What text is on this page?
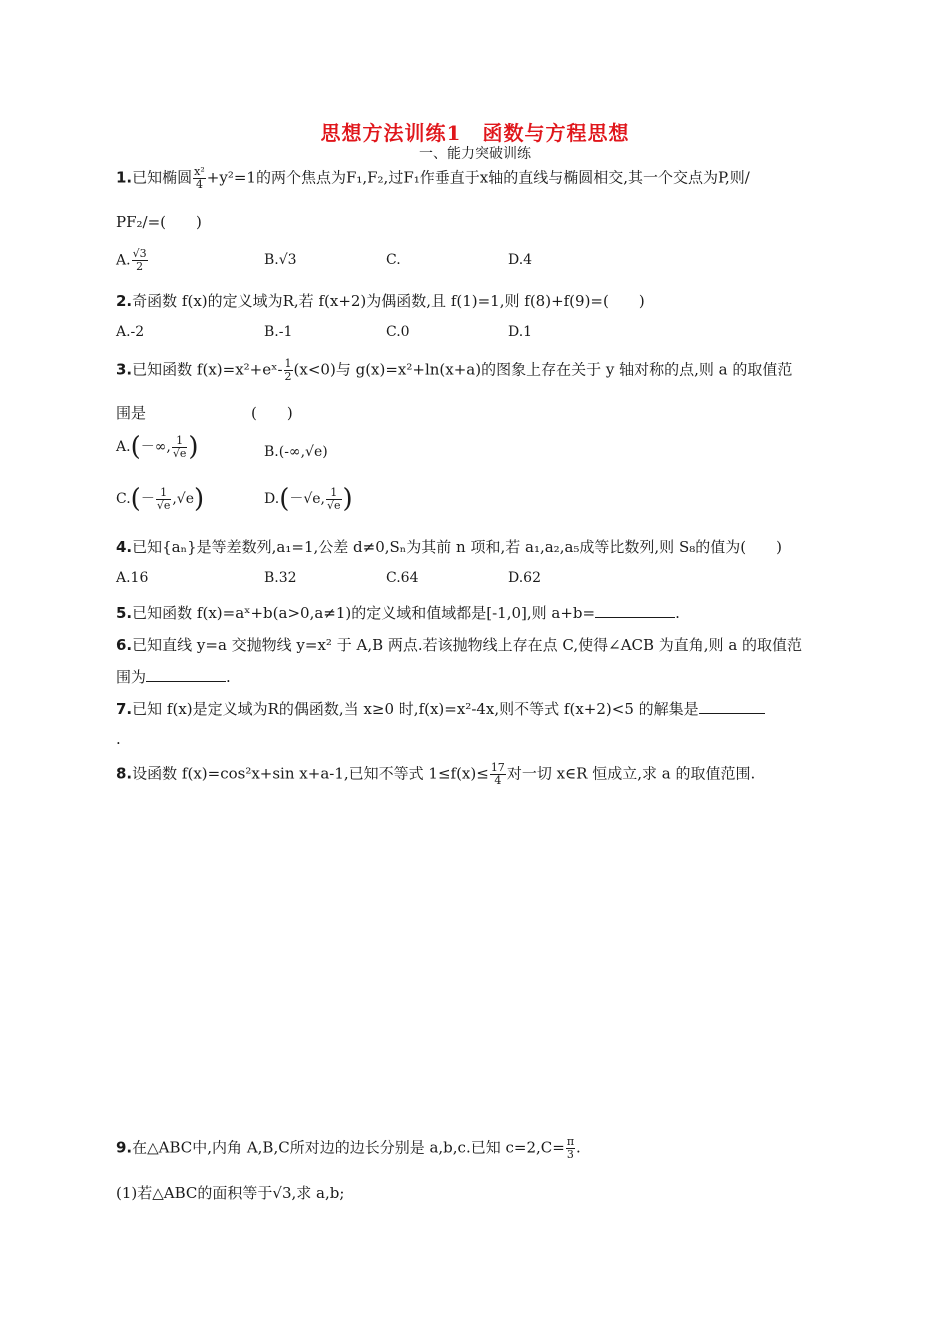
思想方法训练1　函数与方程思想
一、能力突破训练
1.已知椭圆 $\frac{\text{x²}}{4} +y^2=1$的两个焦点为F₁,F₂,过F₁作垂直于x轴的直线与椭圆相交,其一个交点为P,则/
PF₂/=(　　)
A. $\frac{√3}{2}$	B.√3	C.	D.4
2.奇函数 f(x)的定义域为R,若 f(x+2)为偶函数,且 f(1)=1,则 f(8)+f(9)=(　　)
A.-2	B.-1	C.0	D.1
3.已知函数 f(x)=x²+eˣ- $\frac{1}{2} (x<0)$与 g(x)=x²+ln(x+a)的图象上存在关于 y 轴对称的点,则 a 的取值范
围是　　　　　　　(　　)
A.(－∞, $\frac{1}{√e}$ )	B.(-∞,√e)
$C.(- \frac{1}{√e} ,√e)$	D.(－√e, $\frac{1}{√e}$ )
4.已知{aₙ}是等差数列,a₁=1,公差 d≠0,Sₙ为其前 n 项和,若 a₁,a₂,a₅成等比数列,则 S₈的值为(　　)
A.16	B.32	C.64	D.62
5.已知函数 f(x)=aˣ+b(a>0,a≠1)的定义域和值域都是[-1,0],则 a+b=	.
6.已知直线 y=a 交抛物线 y=x² 于 A,B 两点.若该抛物线上存在点 C,使得∠ACB 为直角,则 a 的取值范
围为	.
7.已知 f(x)是定义域为R的偶函数,当 x≥0 时,f(x)=x²-4x,则不等式 f(x+2)<5 的解集是
.
8.设函数 f(x)=cos²x+sin x+a-1,已知不等式 $1\le f(x)\le \frac{17}{4}$ 对一切 x∈R 恒成立,求 a 的取值范围.
9.在△ABC中,内角 A,B,C所对边的边长分别是 a,b,c.已知 $c=2,C= \frac{\pi}{3}$ .
(1)若△ABC的面积等于√3,求 a,b;
